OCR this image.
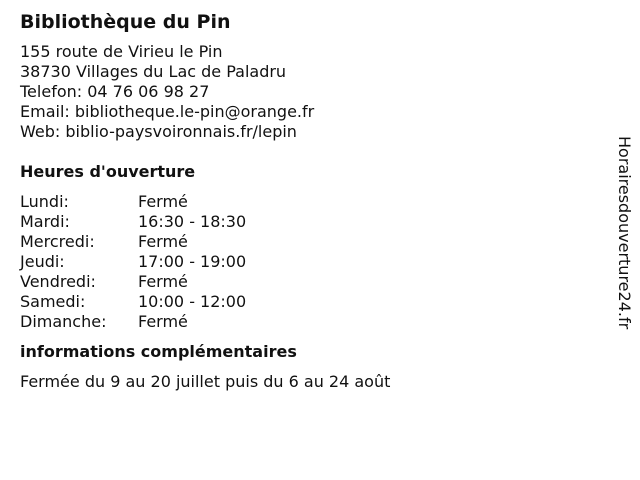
Bibliothèque du Pin
155 route de Virieu le Pin
38730 Villages du Lac de Paladru
Telefon: 04 76 06 98 27
Email: bibliotheque.le-pin@orange.fr
Web: biblio-paysvoironnais.fr/lepin
Heures d'ouverture
Lundi:	Fermé
Mardi:	16:30 - 18:30
Mercredi:	Fermé
Jeudi:	17:00 - 19:00
Vendredi:	Fermé
Samedi:	10:00 - 12:00
Dimanche:	Fermé
informations complémentaires
Fermée du 9 au 20 juillet puis du 6 au 24 août
Horairesdouverture24.fr
